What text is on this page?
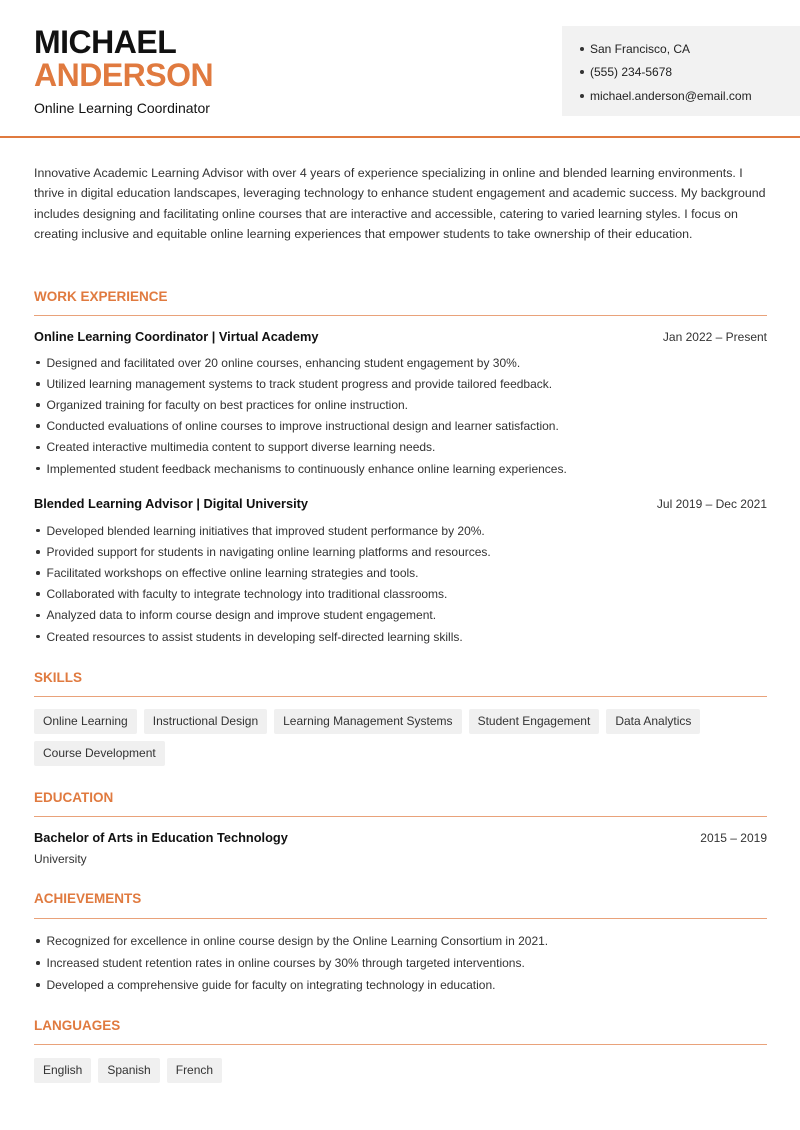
MICHAEL
ANDERSON
Online Learning Coordinator
San Francisco, CA
(555) 234-5678
michael.anderson@email.com

Innovative Academic Learning Advisor with over 4 years of experience specializing in online and blended learning environments. I thrive in digital education landscapes, leveraging technology to enhance student engagement and academic success. My background includes designing and facilitating online courses that are interactive and accessible, catering to varied learning styles. I focus on creating inclusive and equitable online learning experiences that empower students to take ownership of their education.

WORK EXPERIENCE
Online Learning Coordinator | Virtual Academy	Jan 2022 – Present
Designed and facilitated over 20 online courses, enhancing student engagement by 30%.
Utilized learning management systems to track student progress and provide tailored feedback.
Organized training for faculty on best practices for online instruction.
Conducted evaluations of online courses to improve instructional design and learner satisfaction.
Created interactive multimedia content to support diverse learning needs.
Implemented student feedback mechanisms to continuously enhance online learning experiences.
Blended Learning Advisor | Digital University	Jul 2019 – Dec 2021
Developed blended learning initiatives that improved student performance by 20%.
Provided support for students in navigating online learning platforms and resources.
Facilitated workshops on effective online learning strategies and tools.
Collaborated with faculty to integrate technology into traditional classrooms.
Analyzed data to inform course design and improve student engagement.
Created resources to assist students in developing self-directed learning skills.
SKILLS
Online Learning	Instructional Design	Learning Management Systems	Student Engagement	Data Analytics
Course Development
EDUCATION
Bachelor of Arts in Education Technology	2015 – 2019
University
ACHIEVEMENTS
Recognized for excellence in online course design by the Online Learning Consortium in 2021.
Increased student retention rates in online courses by 30% through targeted interventions.
Developed a comprehensive guide for faculty on integrating technology in education.
LANGUAGES
English	Spanish	French
